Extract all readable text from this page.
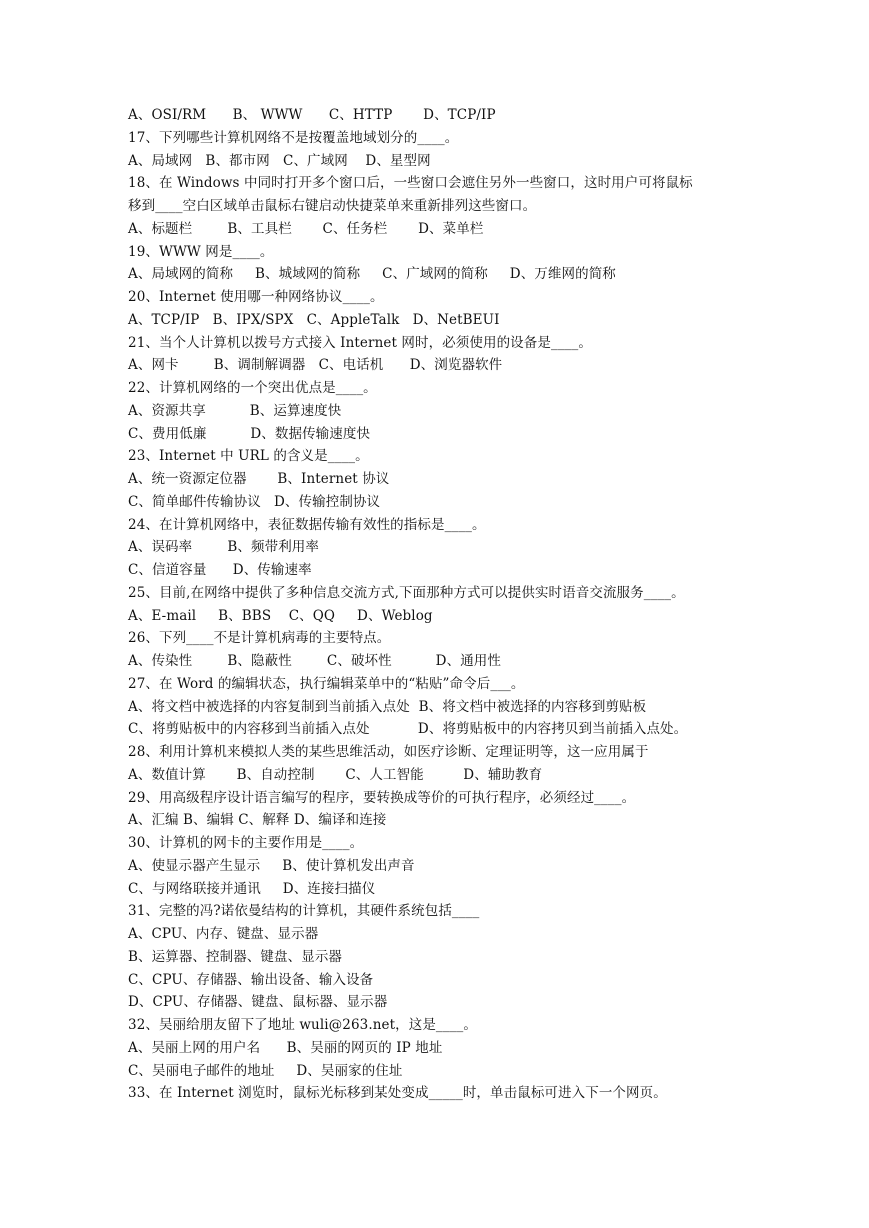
A、OSI/RM      B、 WWW      C、HTTP       D、TCP/IP
17、下列哪些计算机网络不是按覆盖地域划分的____。
A、局域网   B、都市网   C、广域网    D、星型网
18、在 Windows 中同时打开多个窗口后，一些窗口会遮住另外一些窗口，这时用户可将鼠标
移到____空白区域单击鼠标右键启动快捷菜单来重新排列这些窗口。
A、标题栏        B、工具栏       C、任务栏       D、菜单栏
19、WWW 网是____。
A、局域网的简称     B、城域网的简称     C、广域网的简称     D、万维网的简称
20、Internet 使用哪一种网络协议____。
A、TCP/IP   B、IPX/SPX   C、AppleTalk   D、NetBEUI
21、当个人计算机以拨号方式接入 Internet 网时，必须使用的设备是____。
A、网卡        B、调制解调器   C、电话机      D、浏览器软件
22、计算机网络的一个突出优点是____。
A、资源共享          B、运算速度快
C、费用低廉          D、数据传输速度快
23、Internet 中 URL 的含义是____。
A、统一资源定位器       B、Internet 协议
C、简单邮件传输协议   D、传输控制协议
24、在计算机网络中，表征数据传输有效性的指标是____。
A、误码率        B、频带利用率
C、信道容量      D、传输速率
25、目前,在网络中提供了多种信息交流方式,下面那种方式可以提供实时语音交流服务____。
A、E-mail     B、BBS    C、QQ     D、Weblog
26、下列____不是计算机病毒的主要特点。
A、传染性        B、隐蔽性        C、破坏性          D、通用性
27、在 Word 的编辑状态，执行编辑菜单中的“粘贴”命令后___。
A、将文档中被选择的内容复制到当前插入点处  B、将文档中被选择的内容移到剪贴板
C、将剪贴板中的内容移到当前插入点处           D、将剪贴板中的内容拷贝到当前插入点处。
28、利用计算机来模拟人类的某些思维活动，如医疗诊断、定理证明等，这一应用属于
A、数值计算       B、自动控制       C、人工智能         D、辅助教育
29、用高级程序设计语言编写的程序，要转换成等价的可执行程序，必须经过____。
A、汇编 B、编辑 C、解释 D、编译和连接
30、计算机的网卡的主要作用是____。
A、使显示器产生显示     B、使计算机发出声音
C、与网络联接并通讯     D、连接扫描仪
31、完整的冯?诺依曼结构的计算机，其硬件系统包括____
A、CPU、内存、键盘、显示器
B、运算器、控制器、键盘、显示器
C、CPU、存储器、输出设备、输入设备
D、CPU、存储器、键盘、鼠标器、显示器
32、吴丽给朋友留下了地址 wuli@263.net，这是____。
A、吴丽上网的用户名      B、吴丽的网页的 IP 地址
C、吴丽电子邮件的地址     D、吴丽家的住址
33、在 Internet 浏览时，鼠标光标移到某处变成_____时，单击鼠标可进入下一个网页。
